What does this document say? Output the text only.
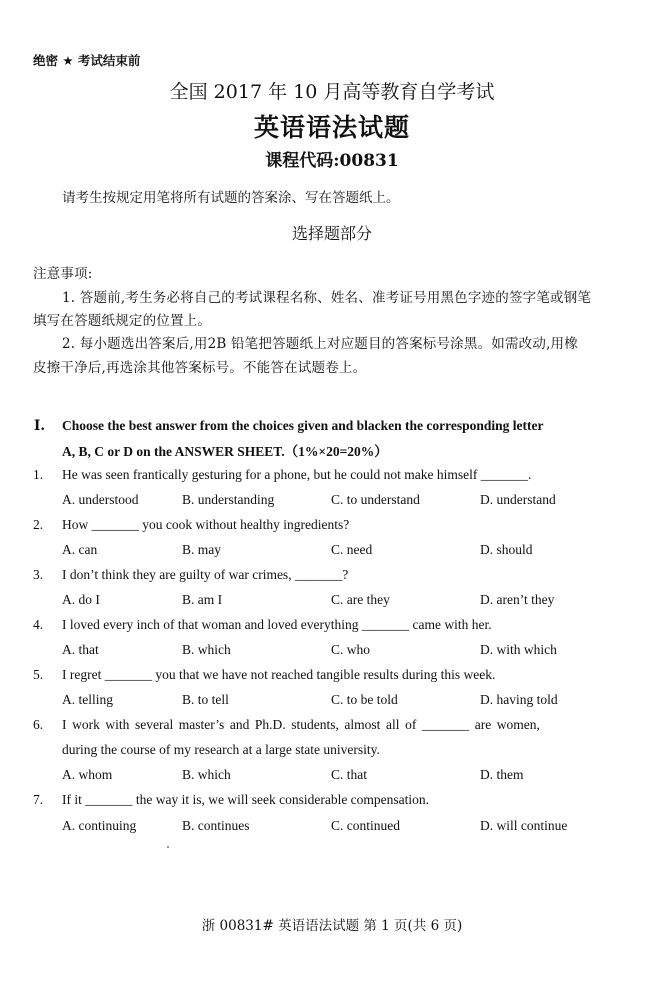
绝密 ★ 考试结束前
全国 2017 年 10 月高等教育自学考试
英语语法试题
课程代码:00831
请考生按规定用笔将所有试题的答案涂、写在答题纸上。
选择题部分
注意事项:
1. 答题前,考生务必将自己的考试课程名称、姓名、准考证号用黑色字迹的签字笔或钢笔
填写在答题纸规定的位置上。
2. 每小题选出答案后,用2B 铅笔把答题纸上对应题目的答案标号涂黑。如需改动,用橡
皮擦干净后,再选涂其他答案标号。不能答在试题卷上。
I. Choose the best answer from the choices given and blacken the corresponding letter
A, B, C or D on the ANSWER SHEET.（1%×20=20%）
1. He was seen frantically gesturing for a phone, but he could not make himself _______.
A. understood	B. understanding	C. to understand	D. understand
2. How _______ you cook without healthy ingredients?
A. can	B. may	C. need	D. should
3. I don’t think they are guilty of war crimes, _______?
A. do I	B. am I	C. are they	D. aren’t they
4. I loved every inch of that woman and loved everything _______ came with her.
A. that	B. which	C. who	D. with which
5. I regret _______ you that we have not reached tangible results during this week.
A. telling	B. to tell	C. to be told	D. having told
6. I work with several master’s and Ph.D. students, almost all of _______ are women,
during the course of my research at a large state university.
A. whom	B. which	C. that	D. them
7. If it _______ the way it is, we will seek considerable compensation.
A. continuing	B. continues	C. continued	D. will continue
浙 00831# 英语语法试题 第 1 页(共 6 页)
